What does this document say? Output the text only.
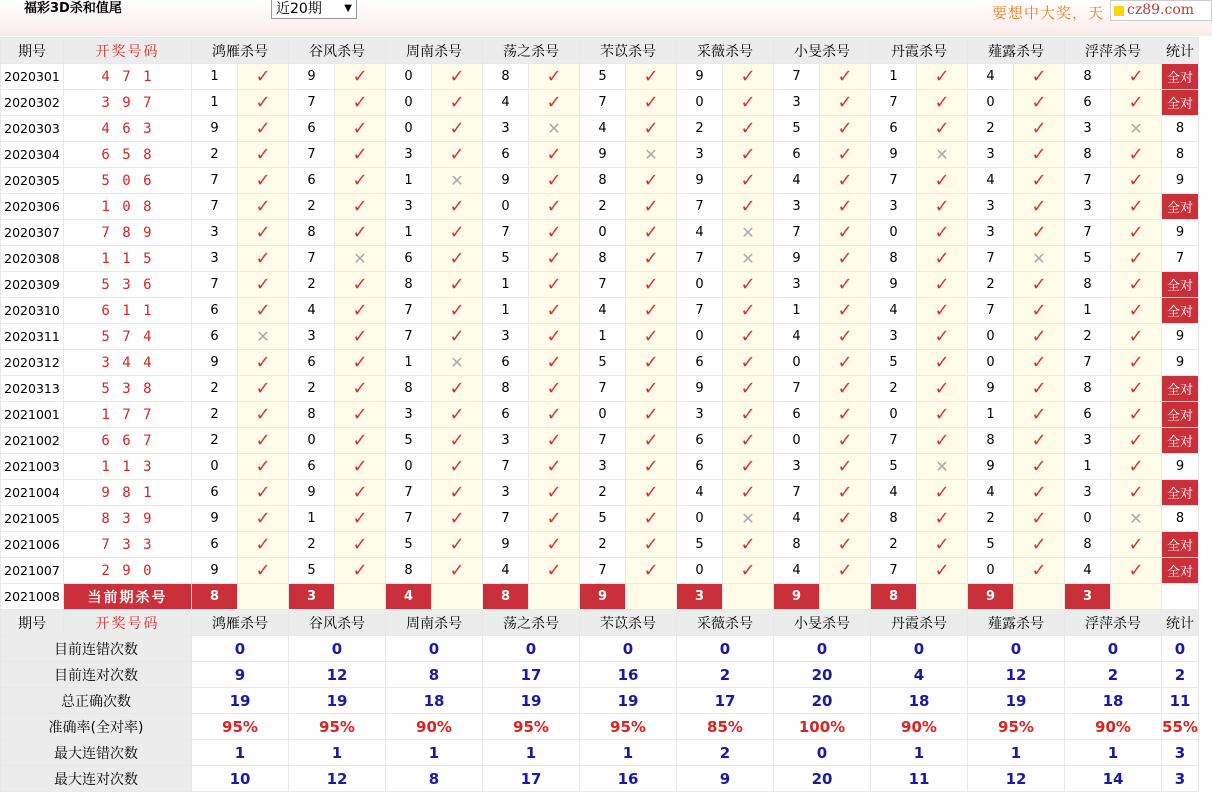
福彩3D杀和值尾	近20期 ▼	要想中大奖，天	cz89.com
期号	开奖号码	鸿雁杀号		谷风杀号		周南杀号		荡之杀号		芣苡杀号		采薇杀号		小旻杀号		丹霞杀号		薤露杀号		浮萍杀号		统计
2020301	4 7 1	1	✓	9	✓	0	✓	8	✓	5	✓	9	✓	7	✓	1	✓	4	✓	8	✓	全对
2020302	3 9 7	1	✓	7	✓	0	✓	4	✓	7	✓	0	✓	3	✓	7	✓	0	✓	6	✓	全对
2020303	4 6 3	9	✓	6	✓	0	✓	3	✕	4	✓	2	✓	5	✓	6	✓	2	✓	3	✕	8
2020304	6 5 8	2	✓	7	✓	3	✓	6	✓	9	✕	3	✓	6	✓	9	✕	3	✓	8	✓	8
2020305	5 0 6	7	✓	6	✓	1	✕	9	✓	8	✓	9	✓	4	✓	7	✓	4	✓	7	✓	9
2020306	1 0 8	7	✓	2	✓	3	✓	0	✓	2	✓	7	✓	3	✓	3	✓	3	✓	3	✓	全对
2020307	7 8 9	3	✓	8	✓	1	✓	7	✓	0	✓	4	✕	7	✓	0	✓	3	✓	7	✓	9
2020308	1 1 5	3	✓	7	✕	6	✓	5	✓	8	✓	7	✕	9	✓	8	✓	7	✕	5	✓	7
2020309	5 3 6	7	✓	2	✓	8	✓	1	✓	7	✓	0	✓	3	✓	9	✓	2	✓	8	✓	全对
2020310	6 1 1	6	✓	4	✓	7	✓	1	✓	4	✓	7	✓	1	✓	4	✓	7	✓	1	✓	全对
2020311	5 7 4	6	✕	3	✓	7	✓	3	✓	1	✓	0	✓	4	✓	3	✓	0	✓	2	✓	9
2020312	3 4 4	9	✓	6	✓	1	✕	6	✓	5	✓	6	✓	0	✓	5	✓	0	✓	7	✓	9
2020313	5 3 8	2	✓	2	✓	8	✓	8	✓	7	✓	9	✓	7	✓	2	✓	9	✓	8	✓	全对
2021001	1 7 7	2	✓	8	✓	3	✓	6	✓	0	✓	3	✓	6	✓	0	✓	1	✓	6	✓	全对
2021002	6 6 7	2	✓	0	✓	5	✓	3	✓	7	✓	6	✓	0	✓	7	✓	8	✓	3	✓	全对
2021003	1 1 3	0	✓	6	✓	0	✓	7	✓	3	✓	6	✓	3	✓	5	✕	9	✓	1	✓	9
2021004	9 8 1	6	✓	9	✓	7	✓	3	✓	2	✓	4	✓	7	✓	4	✓	4	✓	3	✓	全对
2021005	8 3 9	9	✓	1	✓	7	✓	7	✓	5	✓	0	✕	4	✓	8	✓	2	✓	0	✕	8
2021006	7 3 3	6	✓	2	✓	5	✓	9	✓	2	✓	5	✓	8	✓	2	✓	5	✓	8	✓	全对
2021007	2 9 0	9	✓	5	✓	8	✓	4	✓	7	✓	0	✓	4	✓	7	✓	0	✓	4	✓	全对
2021008	当前期杀号	8		3		4		8		9		3		9		8		9		3		
期号	开奖号码	鸿雁杀号		谷风杀号		周南杀号		荡之杀号		芣苡杀号		采薇杀号		小旻杀号		丹霞杀号		薤露杀号		浮萍杀号		统计
目前连错次数		0		0		0		0		0		0		0		0		0		0		0
目前连对次数		9		12		8		17		16		2		20		4		12		2		2
总正确次数		19		19		18		19		19		17		20		18		19		18		11
准确率(全对率)		95%		95%		90%		95%		95%		85%		100%		90%		95%		90%		55%
最大连错次数		1		1		1		1		1		2		0		1		1		1		3
最大连对次数		10		12		8		17		16		9		20		11		12		14		3
